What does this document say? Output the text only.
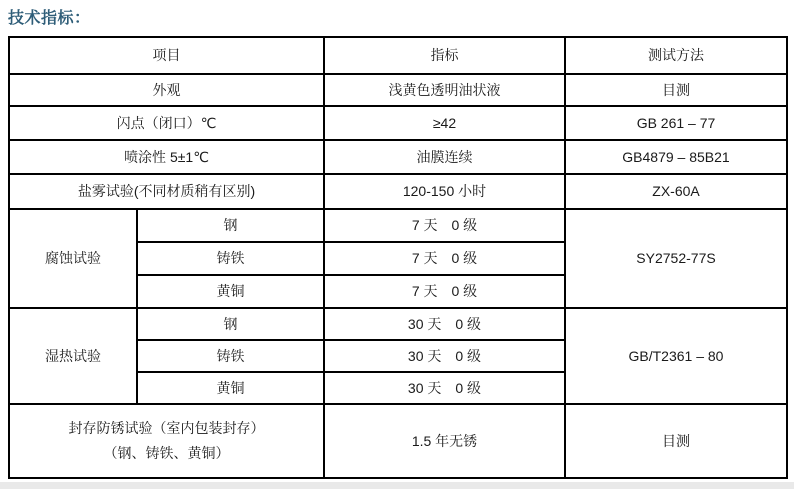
技术指标：
项目		指标	测试方法
外观		浅黄色透明油状液	目测
闪点（闭口）℃		≥42	GB 261 – 77
喷涂性 5±1℃		油膜连续	GB4879 – 85B21
盐雾试验(不同材质稍有区别)		120-150 小时	ZX-60A
腐蚀试验	钢	7 天　0 级	SY2752-77S
	铸铁	7 天　0 级	
	黄铜	7 天　0 级	
湿热试验	钢	30 天　0 级	GB/T2361 – 80
	铸铁	30 天　0 级	
	黄铜	30 天　0 级	

封存防锈试验（室内包装封存）
（钢、铸铁、黄铜）		1.5 年无锈	目测
